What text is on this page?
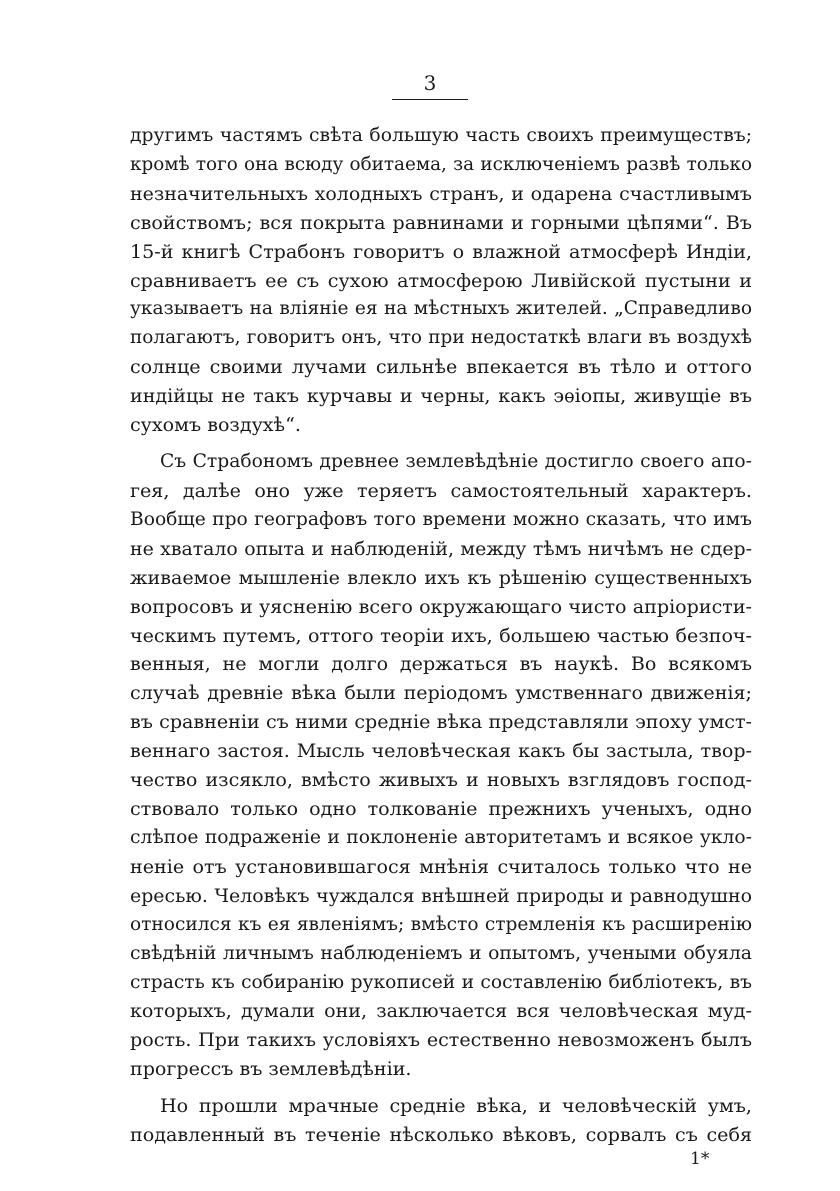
3
другимъ частямъ свѣта большую часть своихъ преимуществъ;
кромѣ того она всюду обитаема, за исключеніемъ развѣ только
незначительныхъ холодныхъ странъ, и одарена счастливымъ
свойствомъ; вся покрыта равнинами и горными цѣпями“. Въ
15-й книгѣ Страбонъ говоритъ о влажной атмосферѣ Индіи,
сравниваетъ ее съ сухою атмосферою Ливійской пустыни и
указываетъ на вліяніе ея на мѣстныхъ жителей. „Справедливо
полагаютъ, говоритъ онъ, что при недостаткѣ влаги въ воздухѣ
солнце своими лучами сильнѣе впекается въ тѣло и оттого
индійцы не такъ курчавы и черны, какъ эѳіопы, живущіе въ
сухомъ воздухѣ“.
Съ Страбономъ древнее землевѣдѣніе достигло своего апо-
гея, далѣе оно уже теряетъ самостоятельный характеръ.
Вообще про географовъ того времени можно сказать, что имъ
не хватало опыта и наблюденій, между тѣмъ ничѣмъ не сдер-
живаемое мышленіе влекло ихъ къ рѣшенію существенныхъ
вопросовъ и уясненію всего окружающаго чисто апріористи-
ческимъ путемъ, оттого теоріи ихъ, большею частью безпоч-
венныя, не могли долго держаться въ наукѣ. Во всякомъ
случаѣ древніе вѣка были періодомъ умственнаго движенія;
въ сравненіи съ ними средніе вѣка представляли эпоху умст-
веннаго застоя. Мысль человѣческая какъ бы застыла, твор-
чество изсякло, вмѣсто живыхъ и новыхъ взглядовъ господ-
ствовало только одно толкованіе прежнихъ ученыхъ, одно
слѣпое подраженіе и поклоненіе авторитетамъ и всякое укло-
неніе отъ установившагося мнѣнія считалось только что не
ересью. Человѣкъ чуждался внѣшней природы и равнодушно
относился къ ея явленіямъ; вмѣсто стремленія къ расширенію
свѣдѣній личнымъ наблюденіемъ и опытомъ, учеными обуяла
страсть къ собиранію рукописей и составленію библіотекъ, въ
которыхъ, думали они, заключается вся человѣческая муд-
рость. При такихъ условіяхъ естественно невозможенъ былъ
прогрессъ въ землевѣдѣніи.
Но прошли мрачные средніе вѣка, и человѣческій умъ,
подавленный въ теченіе нѣсколько вѣковъ, сорвалъ съ себя
1*
